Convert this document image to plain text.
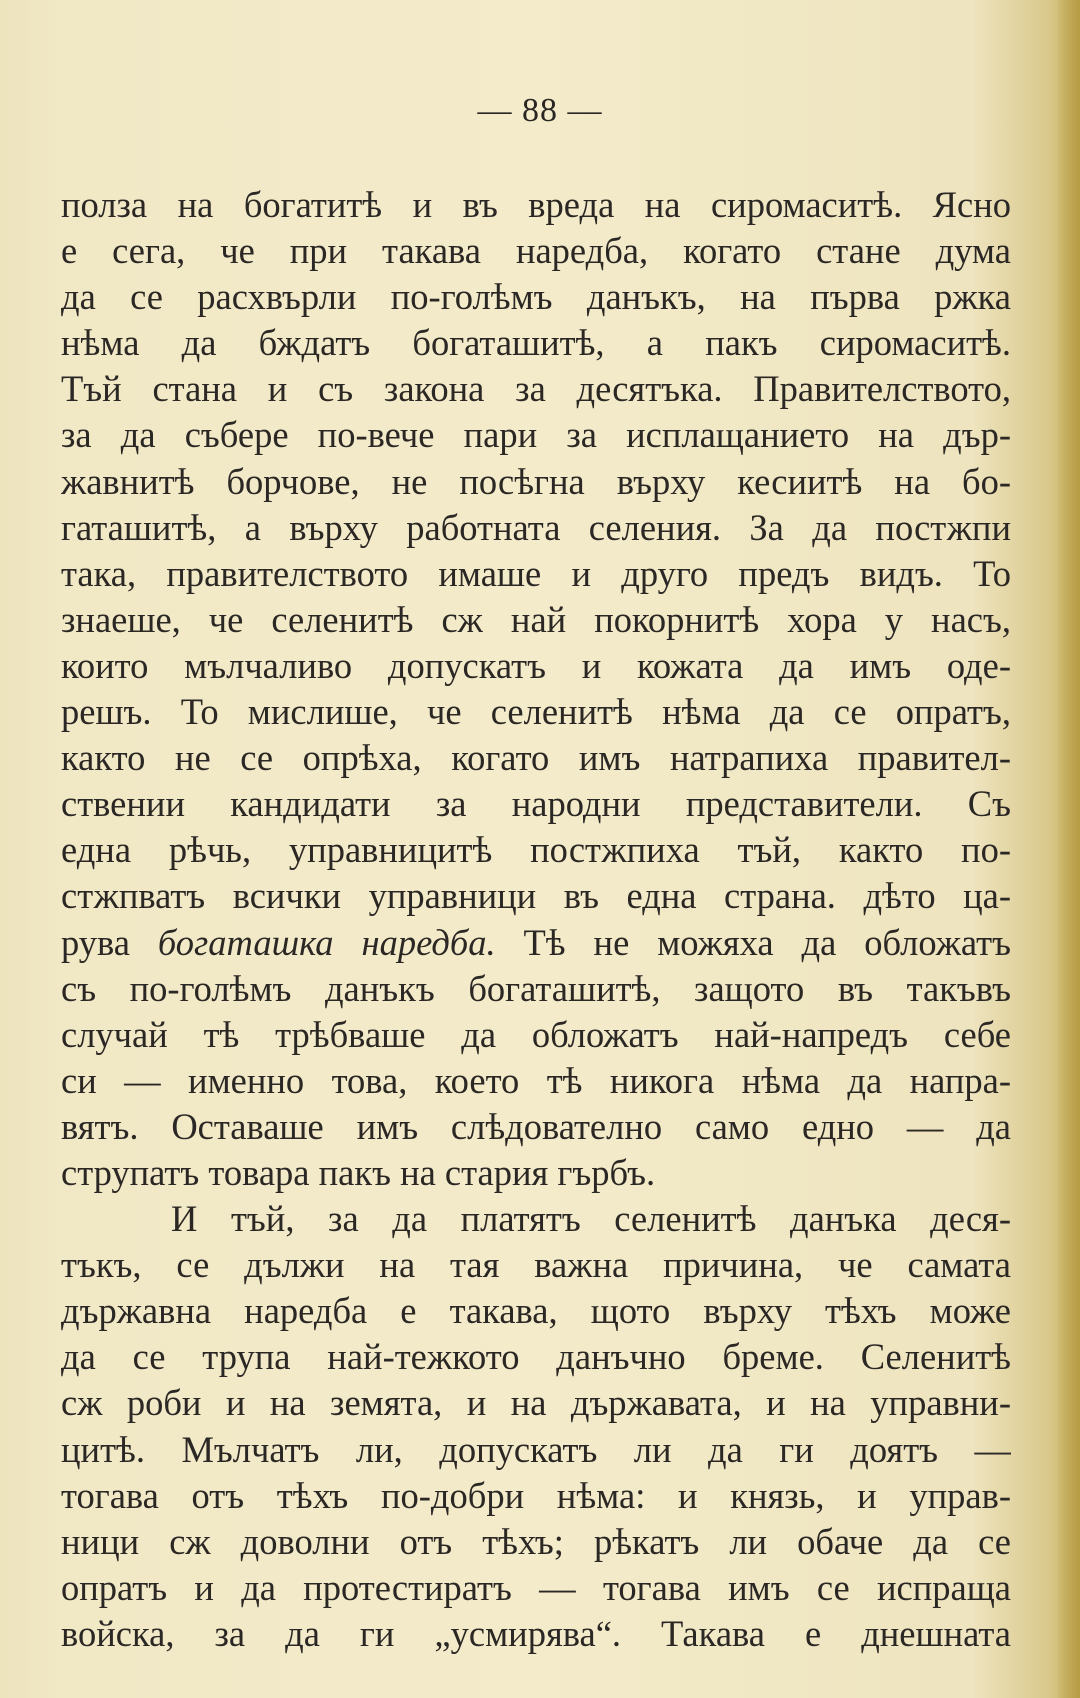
— 88 —
полза на богатитѣ и въ вреда на сиромаситѣ. Ясно
е сега, че при такава наредба, когато стане дума
да се расхвърли по-голѣмъ данъкъ, на първа ржка
нѣма да бждатъ богаташитѣ, а пакъ сиромаситѣ.
Тъй стана и съ закона за десятъка. Правителството,
за да събере по-вече пари за исплащанието на дър-
жавнитѣ борчове, не посѣгна върху кесиитѣ на бо-
гаташитѣ, а върху работната селения. За да постжпи
така, правителството имаше и друго предъ видъ. То
знаеше, че селенитѣ сж най покорнитѣ хора у насъ,
които мълчаливо допускатъ и кожата да имъ одe-
решъ. То мислише, че селенитѣ нѣма да се опратъ,
както не се опрѣха, когато имъ натрапиха правител-
ствении кандидати за народни представители. Съ
една рѣчь, управницитѣ постжпиха тъй, както по-
стжпватъ всички управници въ една страна. дѣто ца-
рува богаташка наредба. Тѣ не можяха да обложатъ
съ по-голѣмъ данъкъ богаташитѣ, защото въ такъвъ
случай тѣ трѣбваше да обложатъ най-напредъ себе
си — именно това, което тѣ никога нѣма да напра-
вятъ. Оставаше имъ слѣдователно само едно — да
струпатъ товара пакъ на стария гърбъ.
И тъй, за да платятъ селенитѣ данъка деся-
тъкъ, се дължи на тая важна причина, че самата
държавна наредба е такава, щото върху тѣхъ може
да се трупа най-тежкото данъчно бреме. Селенитѣ
сж роби и на земята, и на държавата, и на управни-
цитѣ. Мълчатъ ли, допускатъ ли да ги доятъ —
тогава отъ тѣхъ по-добри нѣма: и князь, и управ-
ници сж доволни отъ тѣхъ; рѣкатъ ли обаче да се
опратъ и да протестиратъ — тогава имъ се испраща
войска, за да ги „усмирява“. Такава е днешната
